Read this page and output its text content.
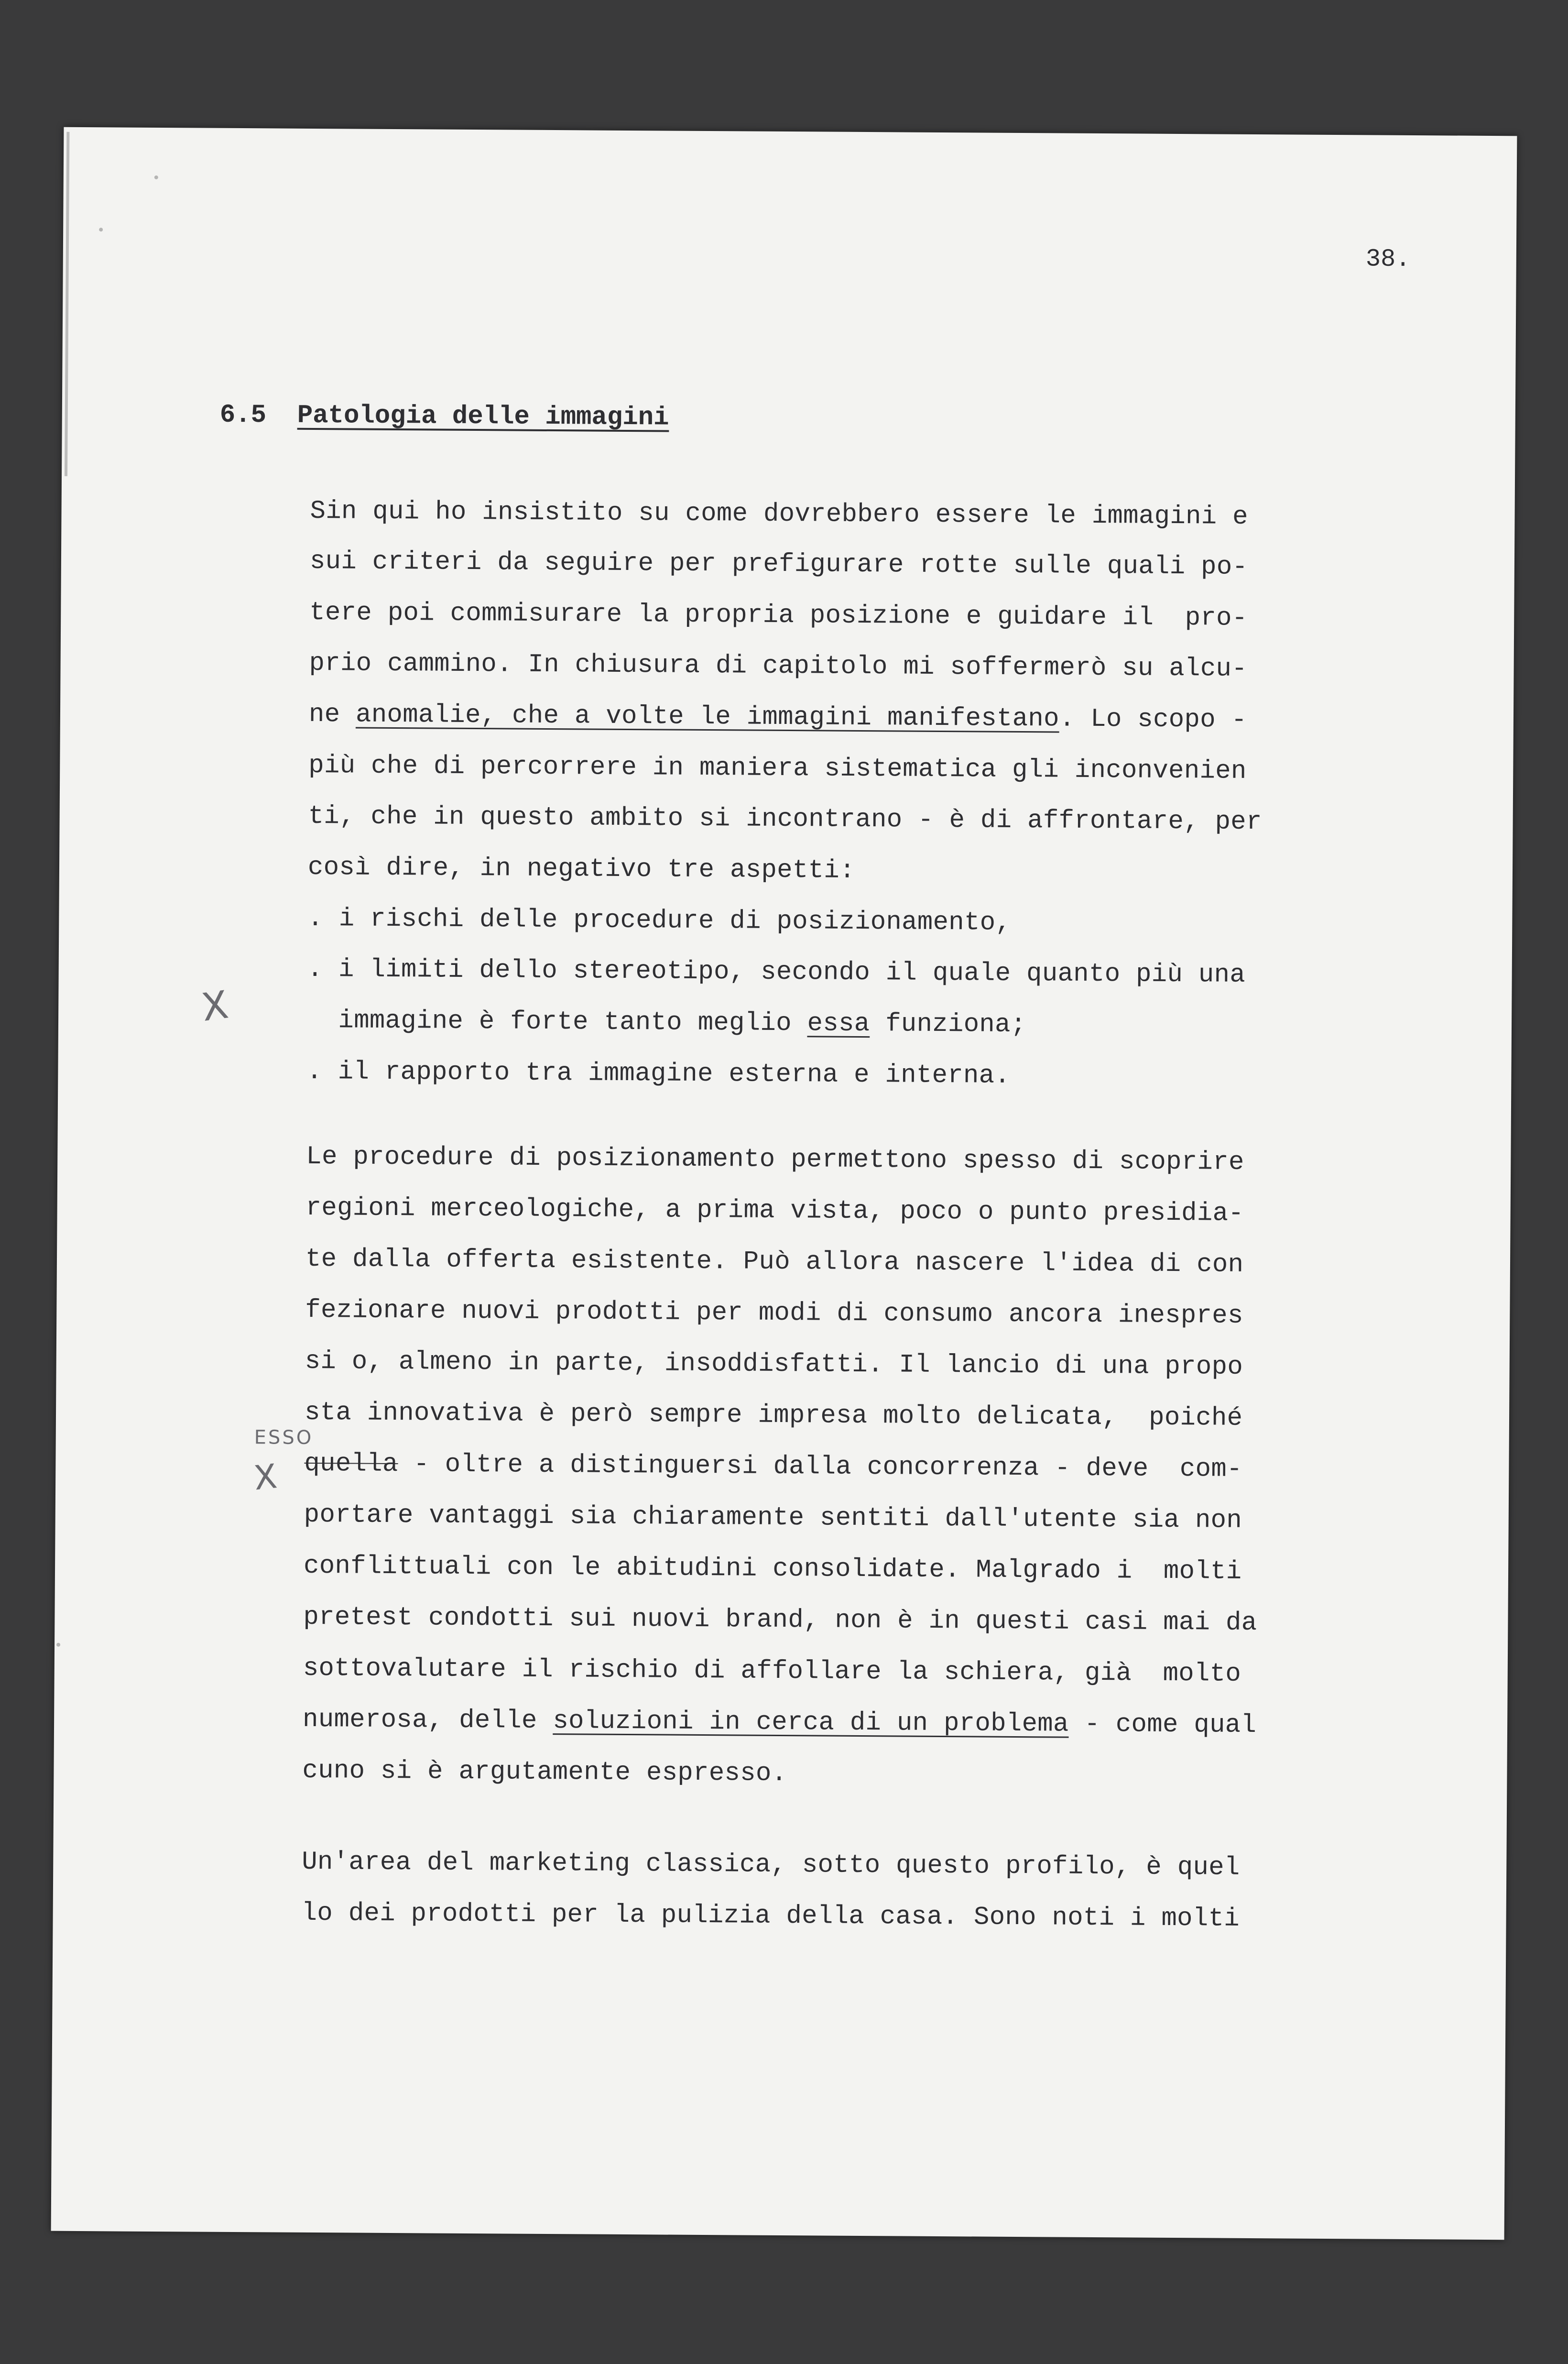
38.
6.5 Patologia delle immagini
Sin qui ho insistito su come dovrebbero essere le immagini e
sui criteri da seguire per prefigurare rotte sulle quali po-
tere poi commisurare la propria posizione e guidare il  pro-
prio cammino. In chiusura di capitolo mi soffermerò su alcu-
ne anomalie, che a volte le immagini manifestano. Lo scopo -
più che di percorrere in maniera sistematica gli inconvenien
ti, che in questo ambito si incontrano - è di affrontare, per
così dire, in negativo tre aspetti:
. i rischi delle procedure di posizionamento,
. i limiti dello stereotipo, secondo il quale quanto più una
immagine è forte tanto meglio essa funziona;
. il rapporto tra immagine esterna e interna.
X
Le procedure di posizionamento permettono spesso di scoprire
regioni merceologiche, a prima vista, poco o punto presidia-
te dalla offerta esistente. Può allora nascere l'idea di con
fezionare nuovi prodotti per modi di consumo ancora inespres
si o, almeno in parte, insoddisfatti. Il lancio di una propo
sta innovativa è però sempre impresa molto delicata,  poiché
quella - oltre a distinguersi dalla concorrenza - deve  com-
portare vantaggi sia chiaramente sentiti dall'utente sia non
conflittuali con le abitudini consolidate. Malgrado i  molti
pretest condotti sui nuovi brand, non è in questi casi mai da
sottovalutare il rischio di affollare la schiera, già  molto
numerosa, delle soluzioni in cerca di un problema - come qual
cuno si è argutamente espresso.
ESSO
X
Un'area del marketing classica, sotto questo profilo, è quel
lo dei prodotti per la pulizia della casa. Sono noti i molti
